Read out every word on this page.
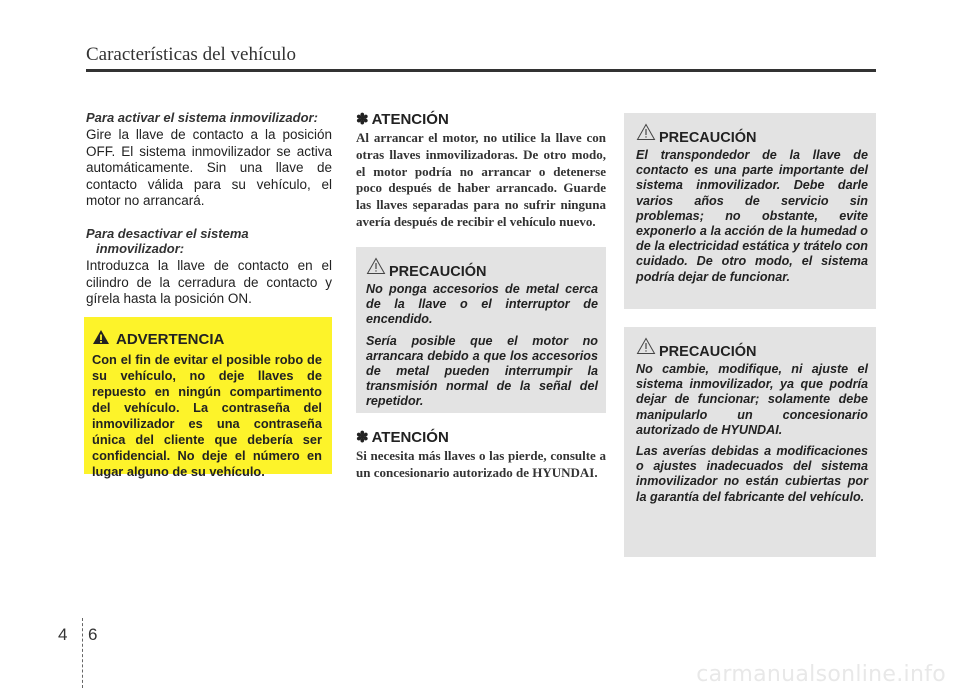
Características del vehículo

Para activar el sistema inmovilizador:

Gire la llave de contacto a la posición OFF. El sistema inmovilizador se activa automáticamente. Sin una llave de contacto válida para su vehículo, el motor no arrancará.

Para desactivar el sistema
inmovilizador:

Introduzca la llave de contacto en el cilindro de la cerradura de contacto y gírela hasta la posición ON.

ADVERTENCIA
Con el fin de evitar el posible robo de su vehículo, no deje llaves de repuesto en ningún compartimento del vehículo. La contraseña del inmovilizador es una contraseña única del cliente que debería ser confidencial. No deje el número en lugar alguno de su vehículo.
✽ ATENCIÓN

Al arrancar el motor, no utilice la llave con otras llaves inmovilizadoras. De otro modo, el motor podría no arrancar o detenerse poco después de haber arrancado. Guarde las llaves separadas para no sufrir ninguna avería después de recibir el vehículo nuevo.

PRECAUCIÓN

No ponga accesorios de metal cerca de la llave o el interruptor de encendido.

Sería posible que el motor no arrancara debido a que los accesorios de metal pueden interrumpir la transmisión normal de la señal del repetidor.

✽ ATENCIÓN

Si necesita más llaves o las pierde, consulte a un concesionario autorizado de HYUNDAI.

PRECAUCIÓN

El transpondedor de la llave de contacto es una parte importante del sistema inmovilizador. Debe darle varios años de servicio sin problemas; no obstante, evite exponerlo a la acción de la humedad o de la electricidad estática y trátelo con cuidado. De otro modo, el sistema podría dejar de funcionar.

PRECAUCIÓN

No cambie, modifique, ni ajuste el sistema inmovilizador, ya que podría dejar de funcionar; solamente debe manipularlo un concesionario autorizado de HYUNDAI.

Las averías debidas a modificaciones o ajustes inadecuados del sistema inmovilizador no están cubiertas por la garantía del fabricante del vehículo.

4 6
carmanualsonline.info
